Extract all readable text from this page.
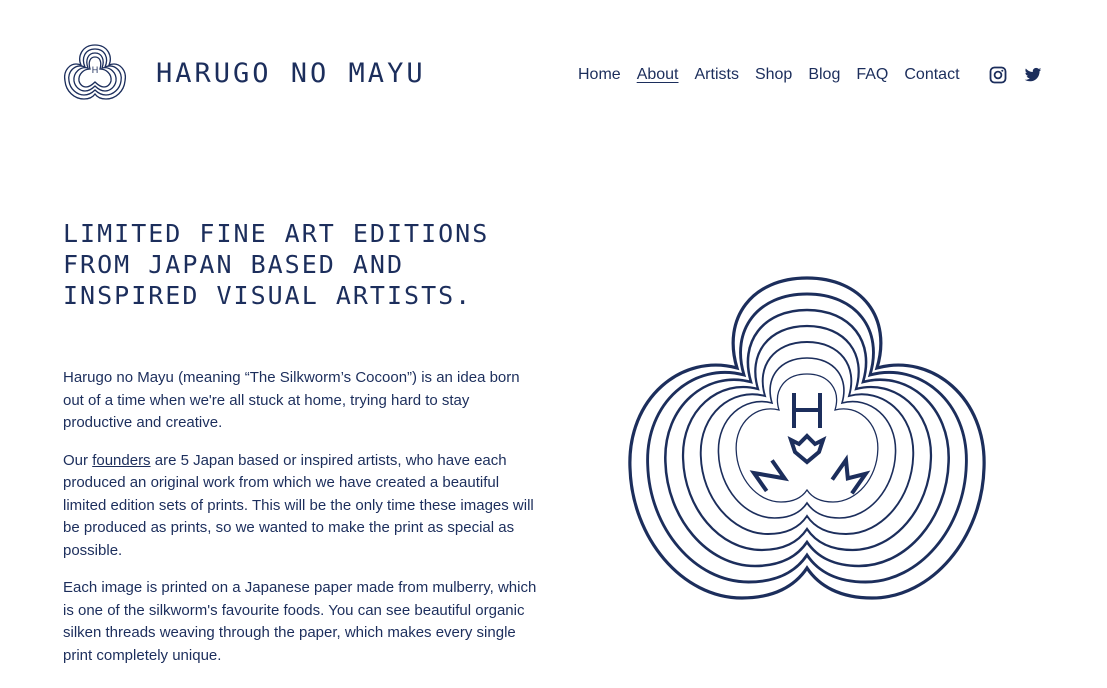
H HARUGO NO MAYU	Home About Artists Shop Blog FAQ Contact
LIMITED FINE ART EDITIONS
FROM JAPAN BASED AND
INSPIRED VISUAL ARTISTS.

Harugo no Mayu (meaning “The Silkworm’s Cocoon”) is an idea born out of a time when we're all stuck at home, trying hard to stay productive and creative.

Our founders are 5 Japan based or inspired artists, who have each produced an original work from which we have created a beautiful limited edition sets of prints. This will be the only time these images will be produced as prints, so we wanted to make the print as special as possible.

Each image is printed on a Japanese paper made from mulberry, which is one of the silkworm's favourite foods. You can see beautiful organic silken threads weaving through the paper, which makes every single print completely unique.
